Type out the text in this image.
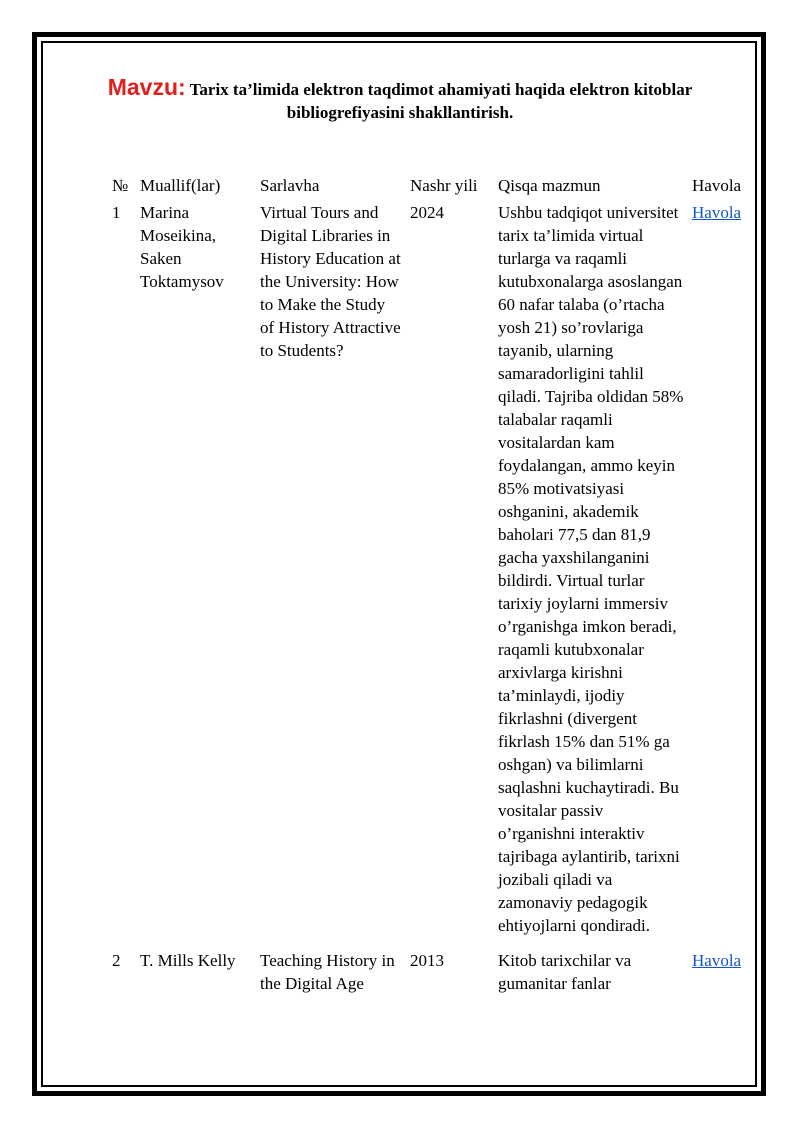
Mavzu: Tarix ta’limida elektron taqdimot ahamiyati haqida elektron kitoblar bibliogrefiyasini shakllantirish.
№	Muallif(lar)	Sarlavha	Nashr yili	Qisqa mazmun	Havola
1	Marina Moseikina, Saken Toktamysov	Virtual Tours and Digital Libraries in History Education at the University: How to Make the Study of History Attractive to Students?	2024	Ushbu tadqiqot universitet tarix ta’limida virtual turlarga va raqamli kutubxonalarga asoslangan 60 nafar talaba (o’rtacha yosh 21) so’rovlariga tayanib, ularning samaradorligini tahlil qiladi. Tajriba oldidan 58% talabalar raqamli vositalardan kam foydalangan, ammo keyin 85% motivatsiyasi oshganini, akademik baholari 77,5 dan 81,9 gacha yaxshilanganini bildirdi. Virtual turlar tarixiy joylarni immersiv o’rganishga imkon beradi, raqamli kutubxonalar arxivlarga kirishni ta’minlaydi, ijodiy fikrlashni (divergent fikrlash 15% dan 51% ga oshgan) va bilimlarni saqlashni kuchaytiradi. Bu vositalar passiv o’rganishni interaktiv tajribaga aylantirib, tarixni jozibali qiladi va zamonaviy pedagogik ehtiyojlarni qondiradi.	Havola
2	T. Mills Kelly	Teaching History in the Digital Age	2013	Kitob tarixchilar va gumanitar fanlar	Havola
